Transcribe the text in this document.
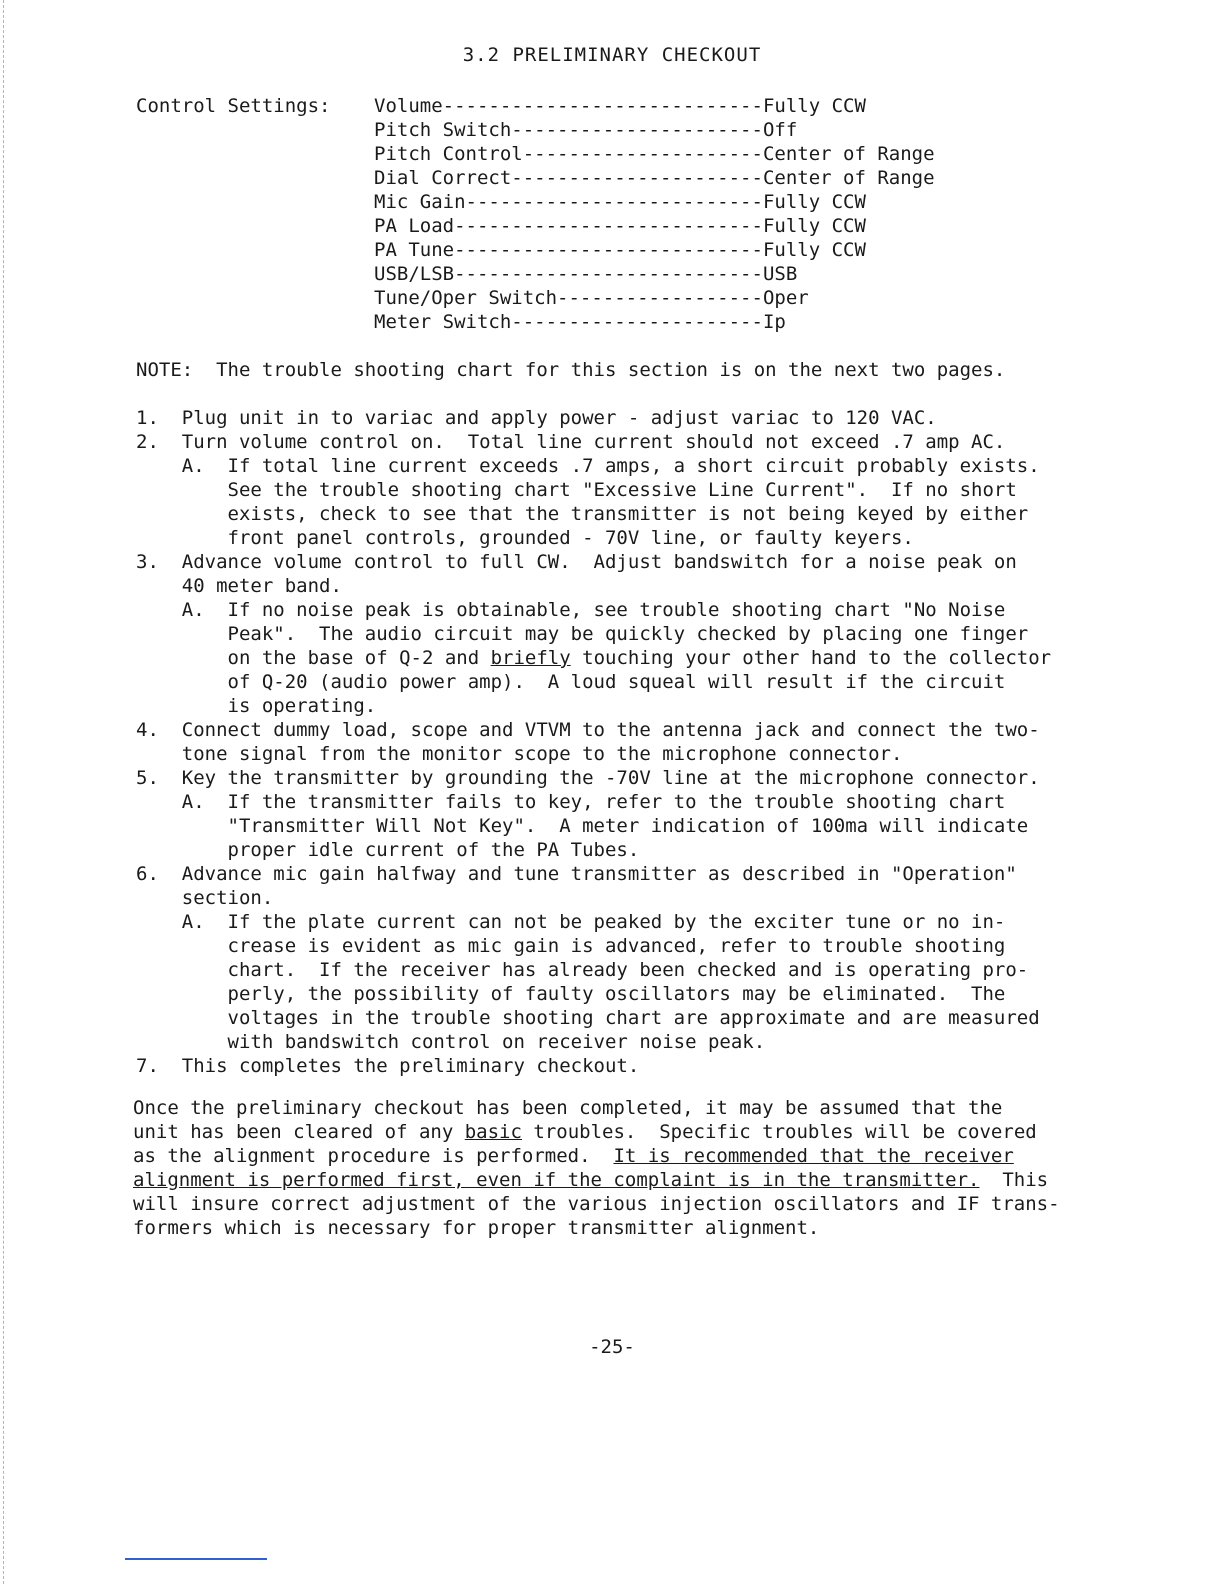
3.2 PRELIMINARY CHECKOUT
Control Settings: Volume ---------------------------- Fully CCW
Pitch Switch ---------------------- Off
Pitch Control --------------------- Center of Range
Dial Correct ---------------------- Center of Range
Mic Gain -------------------------- Fully CCW
PA Load --------------------------- Fully CCW
PA Tune --------------------------- Fully CCW
USB/LSB --------------------------- USB
Tune/Oper Switch ------------------ Oper
Meter Switch ---------------------- Ip
NOTE:  The trouble shooting chart for this section is on the next two pages.
1.  Plug unit in to variac and apply power - adjust variac to 120 VAC.
2.  Turn volume control on.  Total line current should not exceed .7 amp AC.
A.  If total line current exceeds .7 amps, a short circuit probably exists.
See the trouble shooting chart "Excessive Line Current".  If no short
exists, check to see that the transmitter is not being keyed by either
front panel controls, grounded - 70V line, or faulty keyers.
3.  Advance volume control to full CW.  Adjust bandswitch for a noise peak on
40 meter band.
A.  If no noise peak is obtainable, see trouble shooting chart "No Noise
Peak".  The audio circuit may be quickly checked by placing one finger
on the base of Q-2 and briefly touching your other hand to the collector
of Q-20 (audio power amp).  A loud squeal will result if the circuit
is operating.
4.  Connect dummy load, scope and VTVM to the antenna jack and connect the two-
tone signal from the monitor scope to the microphone connector.
5.  Key the transmitter by grounding the -70V line at the microphone connector.
A.  If the transmitter fails to key, refer to the trouble shooting chart
"Transmitter Will Not Key".  A meter indication of 100ma will indicate
proper idle current of the PA Tubes.
6.  Advance mic gain halfway and tune transmitter as described in "Operation"
section.
A.  If the plate current can not be peaked by the exciter tune or no in-
crease is evident as mic gain is advanced, refer to trouble shooting
chart.  If the receiver has already been checked and is operating pro-
perly, the possibility of faulty oscillators may be eliminated.  The
voltages in the trouble shooting chart are approximate and are measured
with bandswitch control on receiver noise peak.
7.  This completes the preliminary checkout.
Once the preliminary checkout has been completed, it may be assumed that the
unit has been cleared of any basic troubles.  Specific troubles will be covered
as the alignment procedure is performed.  It is recommended that the receiver
alignment is performed first, even if the complaint is in the transmitter.  This
will insure correct adjustment of the various injection oscillators and IF trans-
formers which is necessary for proper transmitter alignment.
-25-
